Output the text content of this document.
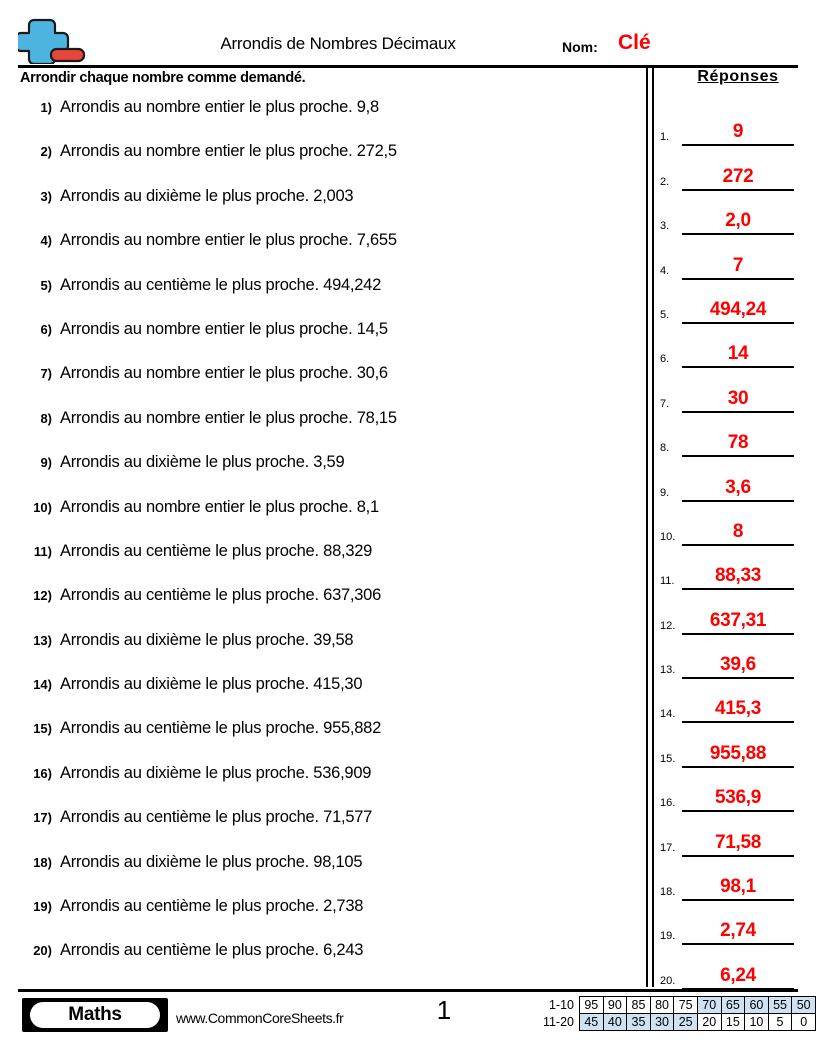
Arrondis de Nombres Décimaux	Nom: Clé
Arrondir chaque nombre comme demandé.
1) Arrondis au nombre entier le plus proche. 9,8
2) Arrondis au nombre entier le plus proche. 272,5
3) Arrondis au dixième le plus proche. 2,003
4) Arrondis au nombre entier le plus proche. 7,655
5) Arrondis au centième le plus proche. 494,242
6) Arrondis au nombre entier le plus proche. 14,5
7) Arrondis au nombre entier le plus proche. 30,6
8) Arrondis au nombre entier le plus proche. 78,15
9) Arrondis au dixième le plus proche. 3,59
10) Arrondis au nombre entier le plus proche. 8,1
11) Arrondis au centième le plus proche. 88,329
12) Arrondis au centième le plus proche. 637,306
13) Arrondis au dixième le plus proche. 39,58
14) Arrondis au dixième le plus proche. 415,30
15) Arrondis au centième le plus proche. 955,882
16) Arrondis au dixième le plus proche. 536,909
17) Arrondis au centième le plus proche. 71,577
18) Arrondis au dixième le plus proche. 98,105
19) Arrondis au centième le plus proche. 2,738
20) Arrondis au centième le plus proche. 6,243
Réponses
1.	9
2.	272
3.	2,0
4.	7
5.	494,24
6.	14
7.	30
8.	78
9.	3,6
10.	8
11.	88,33
12.	637,31
13.	39,6
14.	415,3
15.	955,88
16.	536,9
17.	71,58
18.	98,1
19.	2,74
20.	6,24
Maths	www.CommonCoreSheets.fr	1	1-10	95	90	85	80	75	70	65	60	55	50
11-20	45	40	35	30	25	20	15	10	5	0
